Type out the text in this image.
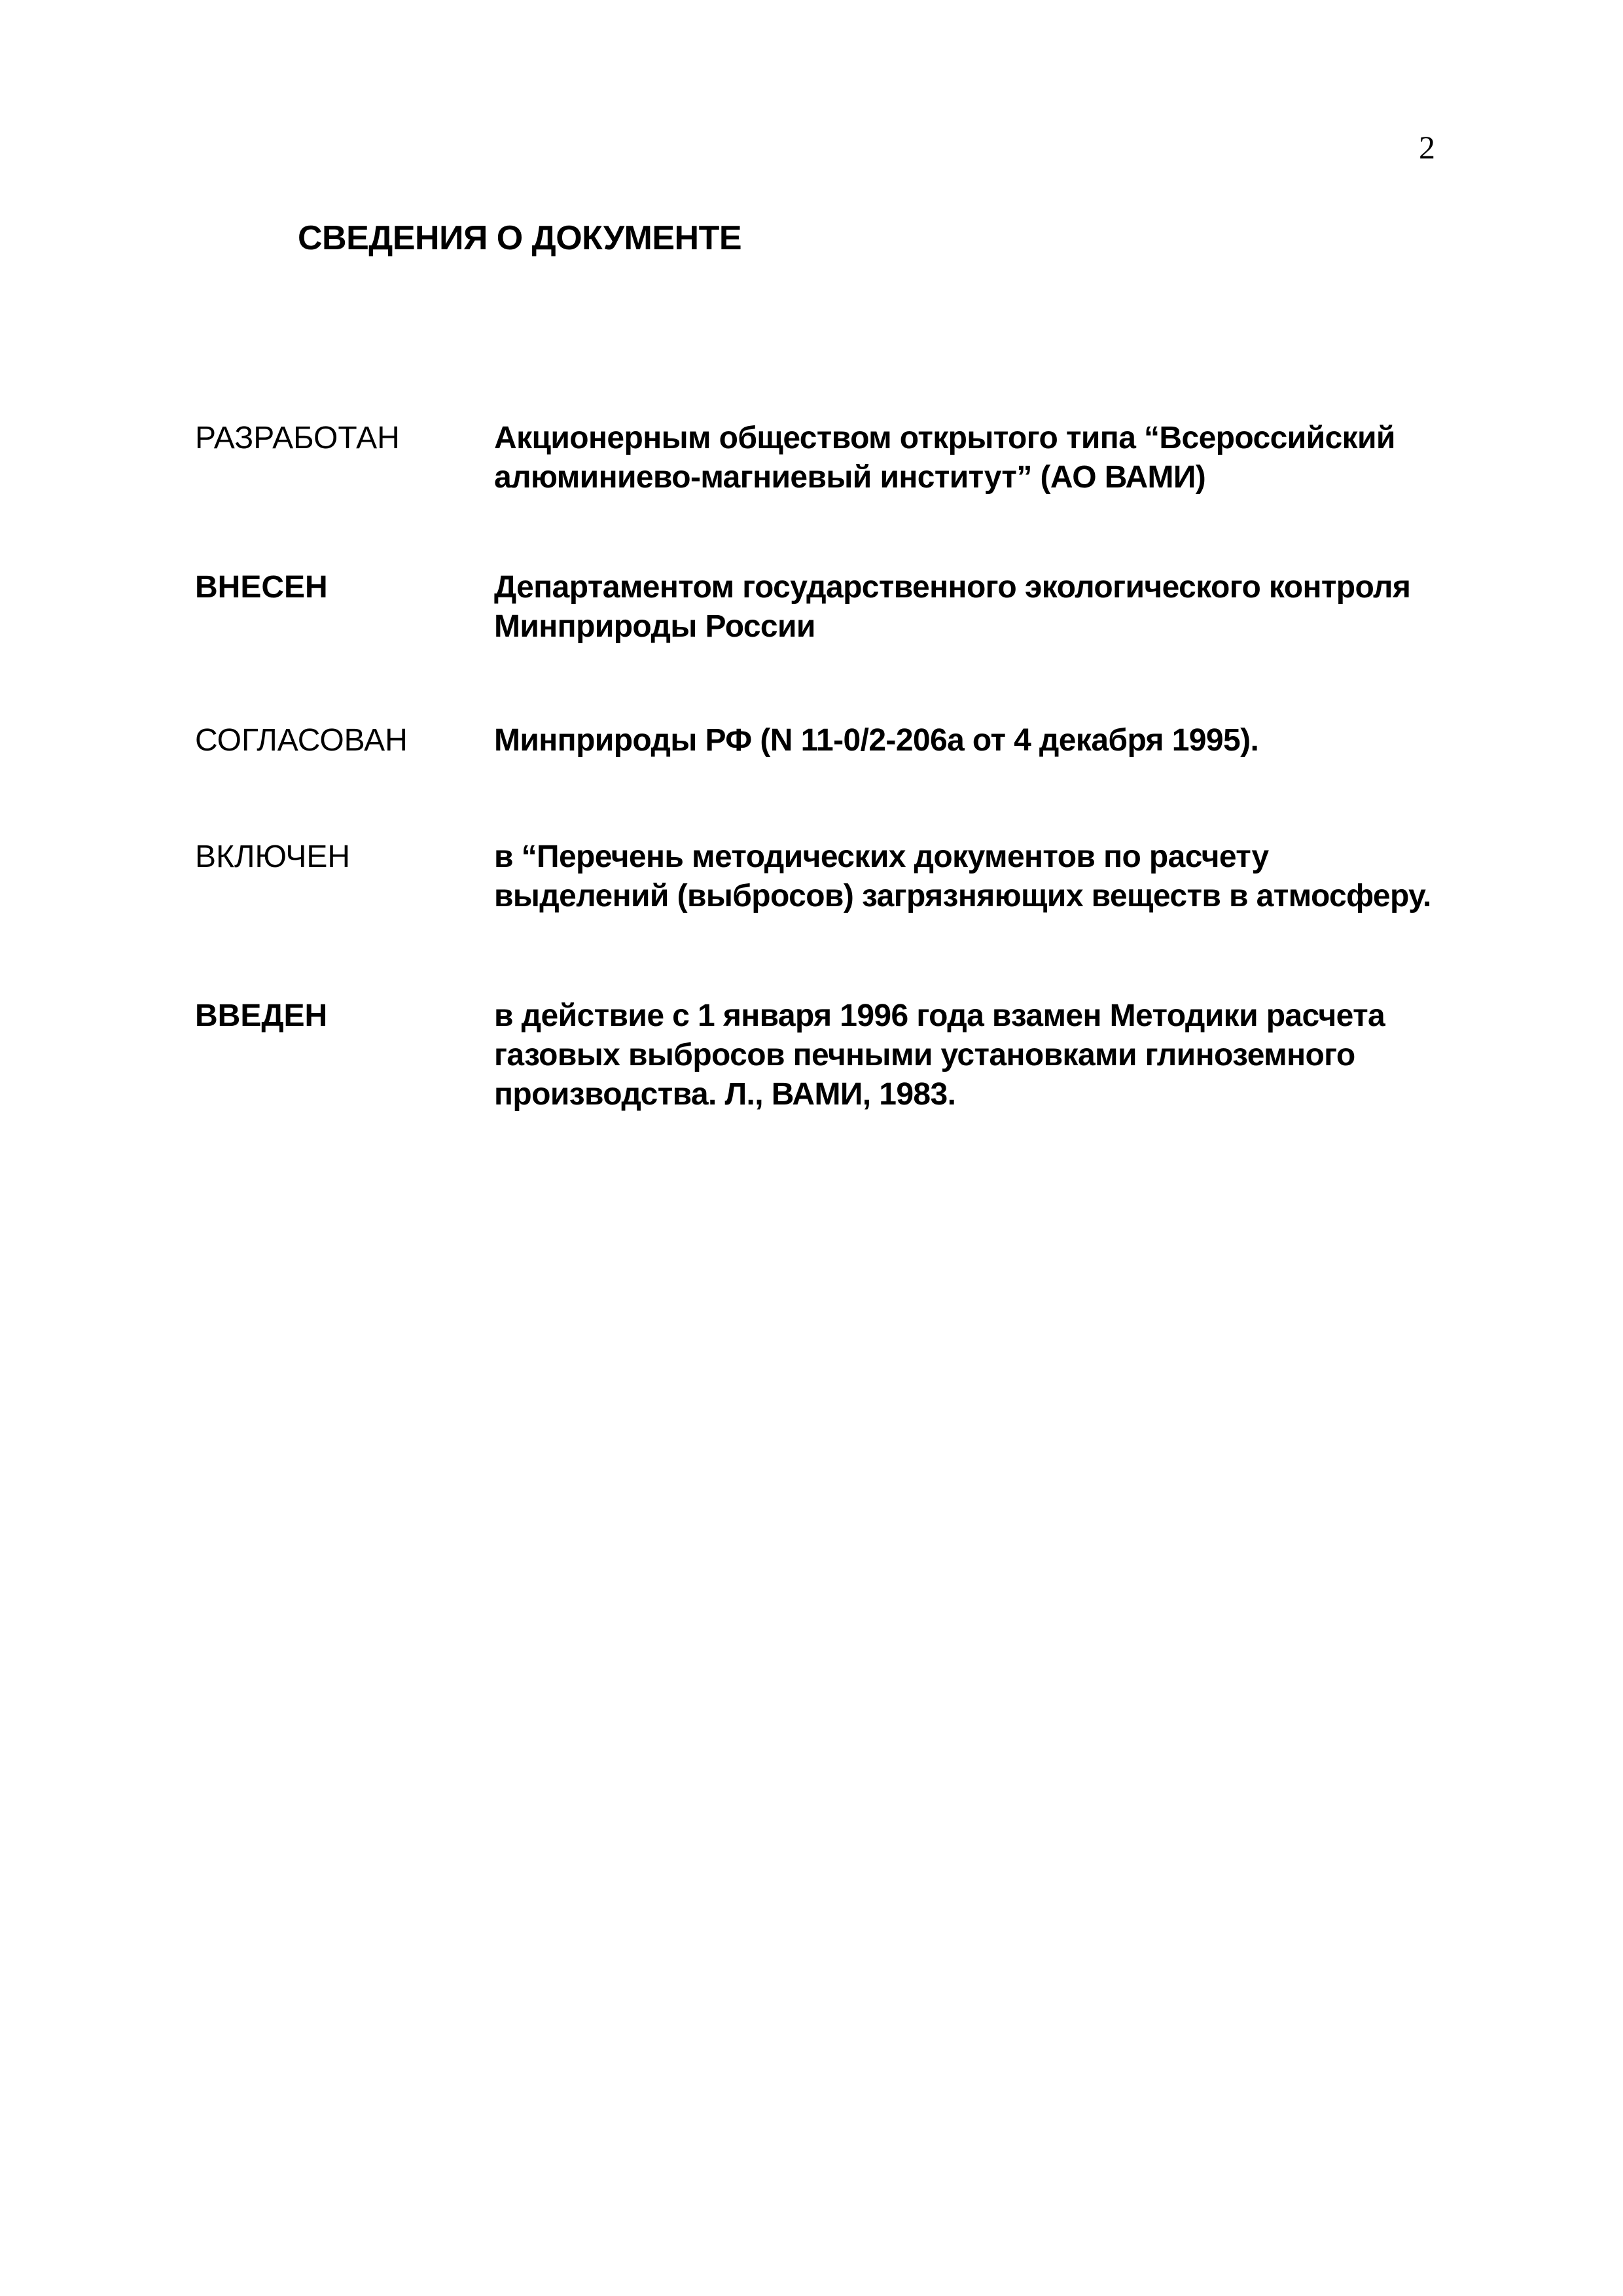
2
СВЕДЕНИЯ О ДОКУМЕНТЕ
РАЗРАБОТАН	Акционерным обществом открытого типа “Всероссийский
алюминиево-магниевый институт” (АО ВАМИ)
ВНЕСЕН	Департаментом государственного экологического контроля
Минприроды России
СОГЛАСОВАН	Минприроды РФ (N 11-0/2-206а от 4 декабря 1995).
ВКЛЮЧЕН	в “Перечень методических документов по расчету
выделений (выбросов) загрязняющих веществ в атмосферу.
ВВЕДЕН	в действие с 1 января 1996 года взамен Методики расчета
газовых выбросов печными установками глиноземного
производства. Л., ВАМИ, 1983.
